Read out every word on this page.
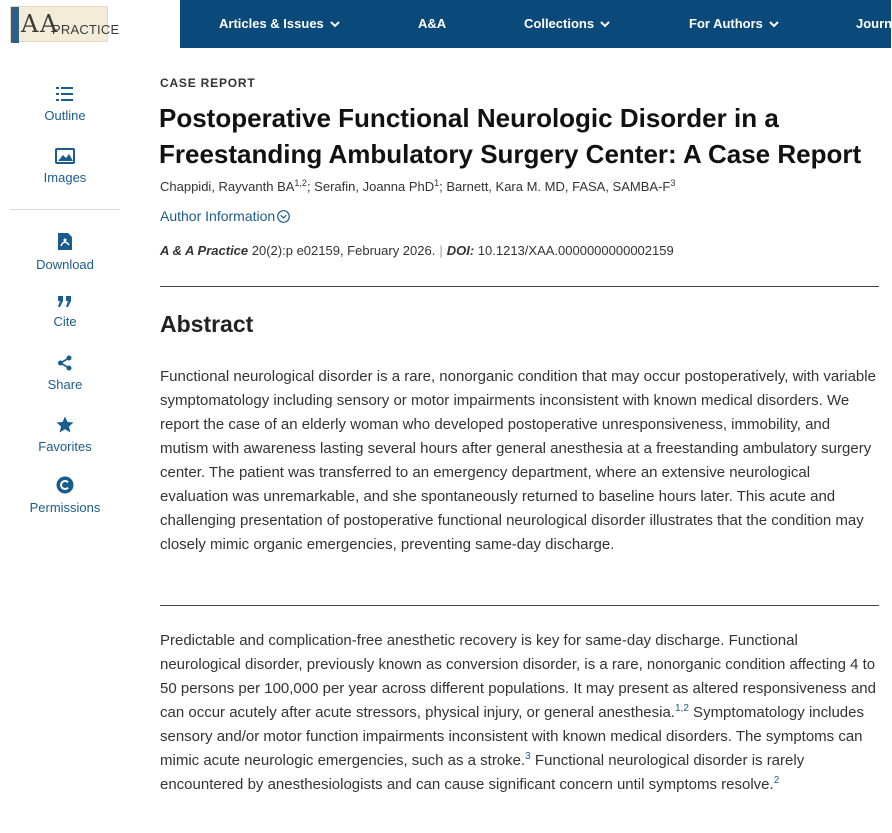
A A
PRACTICE	Articles & Issues	A&A	Collections	For Authors	Journ
Outline
Images
Download
Cite
Share
Favorites
Permissions
CASE REPORT
Postoperative Functional Neurologic Disorder in a Freestanding Ambulatory Surgery Center: A Case Report
Chappidi, Rayvanth BA$^{1,2}$; Serafin, Joanna PhD$^1$; Barnett, Kara M. MD, FASA, SAMBA-$F^3$
Author Information
A & A Practice 20(2):p e02159, February 2026. | DOI: 10.1213/XAA.0000000000002159
Abstract

Functional neurological disorder is a rare, nonorganic condition that may occur postoperatively, with variable symptomatology including sensory or motor impairments inconsistent with known medical disorders. We report the case of an elderly woman who developed postoperative unresponsiveness, immobility, and mutism with awareness lasting several hours after general anesthesia at a freestanding ambulatory surgery center. The patient was transferred to an emergency department, where an extensive neurological evaluation was unremarkable, and she spontaneously returned to baseline hours later. This acute and challenging presentation of postoperative functional neurological disorder illustrates that the condition may closely mimic organic emergencies, preventing same-day discharge.

Predictable and complication-free anesthetic recovery is key for same-day discharge. Functional neurological disorder, previously known as conversion disorder, is a rare, nonorganic condition affecting 4 to 50 persons per 100,000 per year across different populations. It may present as altered responsiveness and can occur acutely after acute stressors, physical injury, or general anesthesia.$^{1,2}$ Symptomatology includes sensory and/or motor function impairments inconsistent with known medical disorders. The symptoms can mimic acute neurologic emergencies, such as a stroke.$^3$ Functional neurological disorder is rarely encountered by anesthesiologists and can cause significant concern until symptoms resolve.$^2$
